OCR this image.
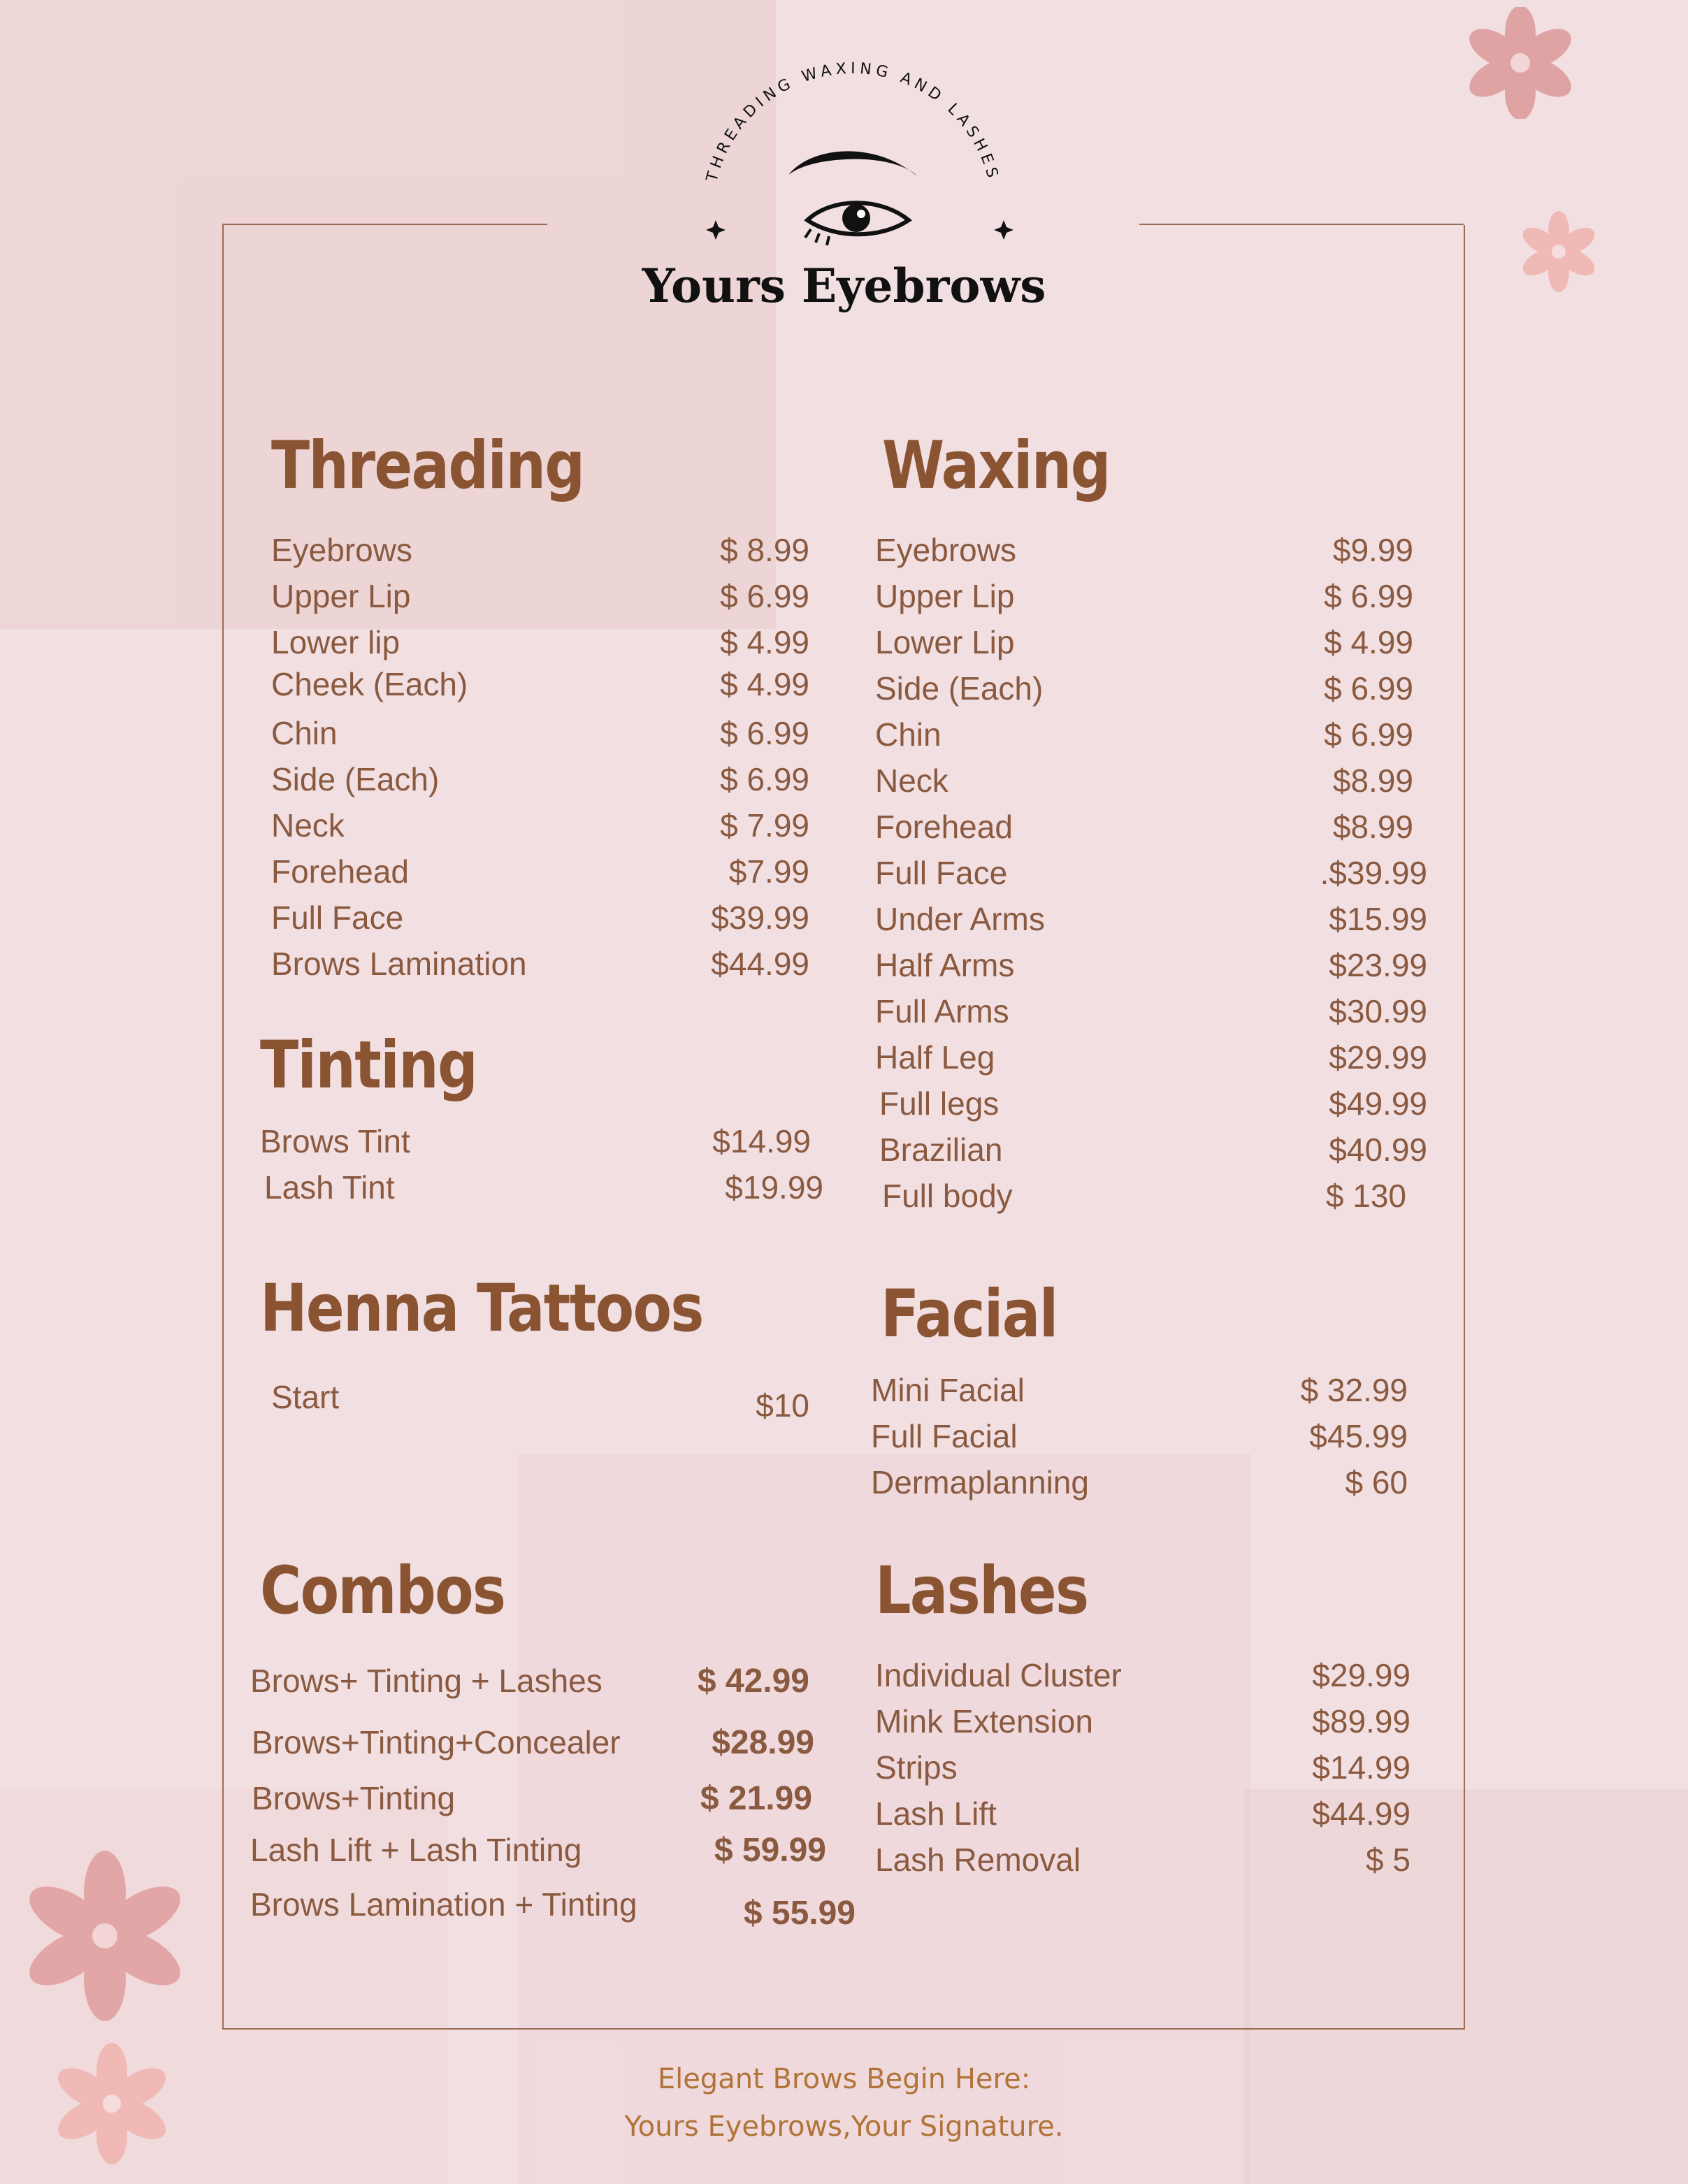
THREADING WAXING AND LASHES
Yours Eyebrows
Threading
Eyebrows	$ 8.99
Upper Lip	$ 6.99
Lower lip	$ 4.99
Cheek (Each)	$ 4.99
Chin	$ 6.99
Side (Each)	$ 6.99
Neck	$ 7.99
Forehead	$7.99
Full Face	$39.99
Brows Lamination	$44.99
Waxing
Eyebrows	$9.99
Upper Lip	$ 6.99
Lower Lip	$ 4.99
Side (Each)	$ 6.99
Chin	$ 6.99
Neck	$8.99
Forehead	$8.99
Full Face	.$39.99
Under Arms	$15.99
Half Arms	$23.99
Full Arms	$30.99
Half Leg	$29.99
Full legs	$49.99
Brazilian	$40.99
Full body	$ 130
Tinting
Brows Tint	$14.99
Lash Tint	$19.99
Henna Tattoos
Start	$10
Facial
Mini Facial	$ 32.99
Full Facial	$45.99
Dermaplanning	$ 60
Combos
Brows+ Tinting + Lashes	$ 42.99
Brows+Tinting+Concealer	$28.99
Brows+Tinting	$ 21.99
Lash Lift + Lash Tinting	$ 59.99
Brows Lamination + Tinting	$ 55.99
Lashes
Individual Cluster	$29.99
Mink Extension	$89.99
Strips	$14.99
Lash Lift	$44.99
Lash Removal	$ 5
Elegant Brows Begin Here:
Yours Eyebrows,Your Signature.
